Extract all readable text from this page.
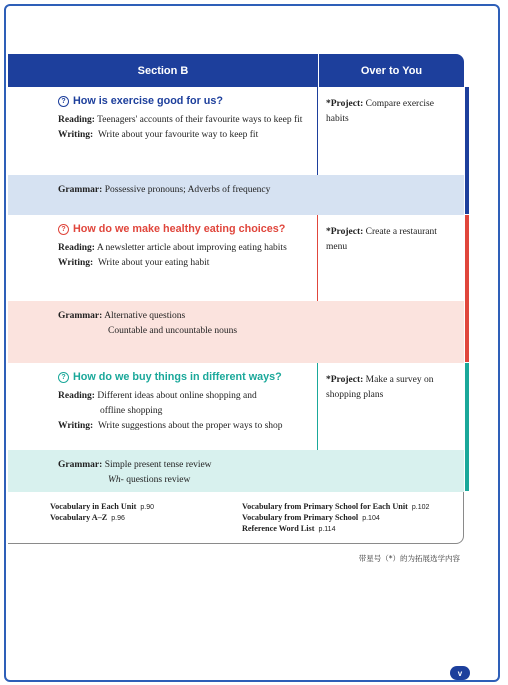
Section B	Over to You
? How is exercise good for us?
Reading: Teenagers' accounts of their favourite ways to keep fit
Writing: Write about your favourite way to keep fit
*Project: Compare exercise habits
Grammar: Possessive pronouns; Adverbs of frequency
? How do we make healthy eating choices?
Reading: A newsletter article about improving eating habits
Writing: Write about your eating habit
*Project: Create a restaurant menu
Grammar: Alternative questions
Countable and uncountable nouns
? How do we buy things in different ways?
Reading: Different ideas about online shopping and
offline shopping
Writing: Write suggestions about the proper ways to shop
*Project: Make a survey on shopping plans
Grammar: Simple present tense review
Wh- questions review
Vocabulary in Each Unit p.90
Vocabulary A–Z p.96
Vocabulary from Primary School for Each Unit p.102
Vocabulary from Primary School p.104
Reference Word List p.114
带星号（*）的为拓展选学内容
v
